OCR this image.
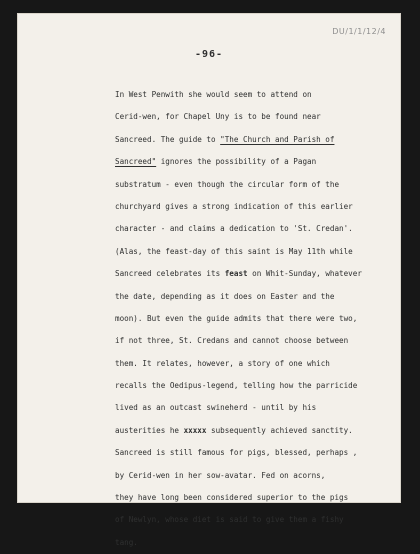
DU/1/1/12/4
-96-
In West Penwith she would seem to attend on
Cerid-wen, for Chapel Uny is to be found near
Sancreed. The guide to "The Church and Parish of
Sancreed" ignores the possibility of a Pagan
substratum - even though the circular form of the
churchyard gives a strong indication of this earlier
character - and claims a dedication to 'St. Credan'.
(Alas, the feast-day of this saint is May 11th while
Sancreed celebrates its feast on Whit-Sunday, whatever
the date, depending as it does on Easter and the
moon). But even the guide admits that there were two,
if not three, St. Credans and cannot choose between
them. It relates, however, a story of one which
recalls the Oedipus-legend, telling how the parricide
lived as an outcast swineherd - until by his
austerities he xxxxx subsequently achieved sanctity.
Sancreed is still famous for pigs, blessed, perhaps ,
by Cerid-wen in her sow-avatar. Fed on acorns,
they have long been considered superior to the pigs
of Newlyn, whose diet is said to give them a fishy
tang.
